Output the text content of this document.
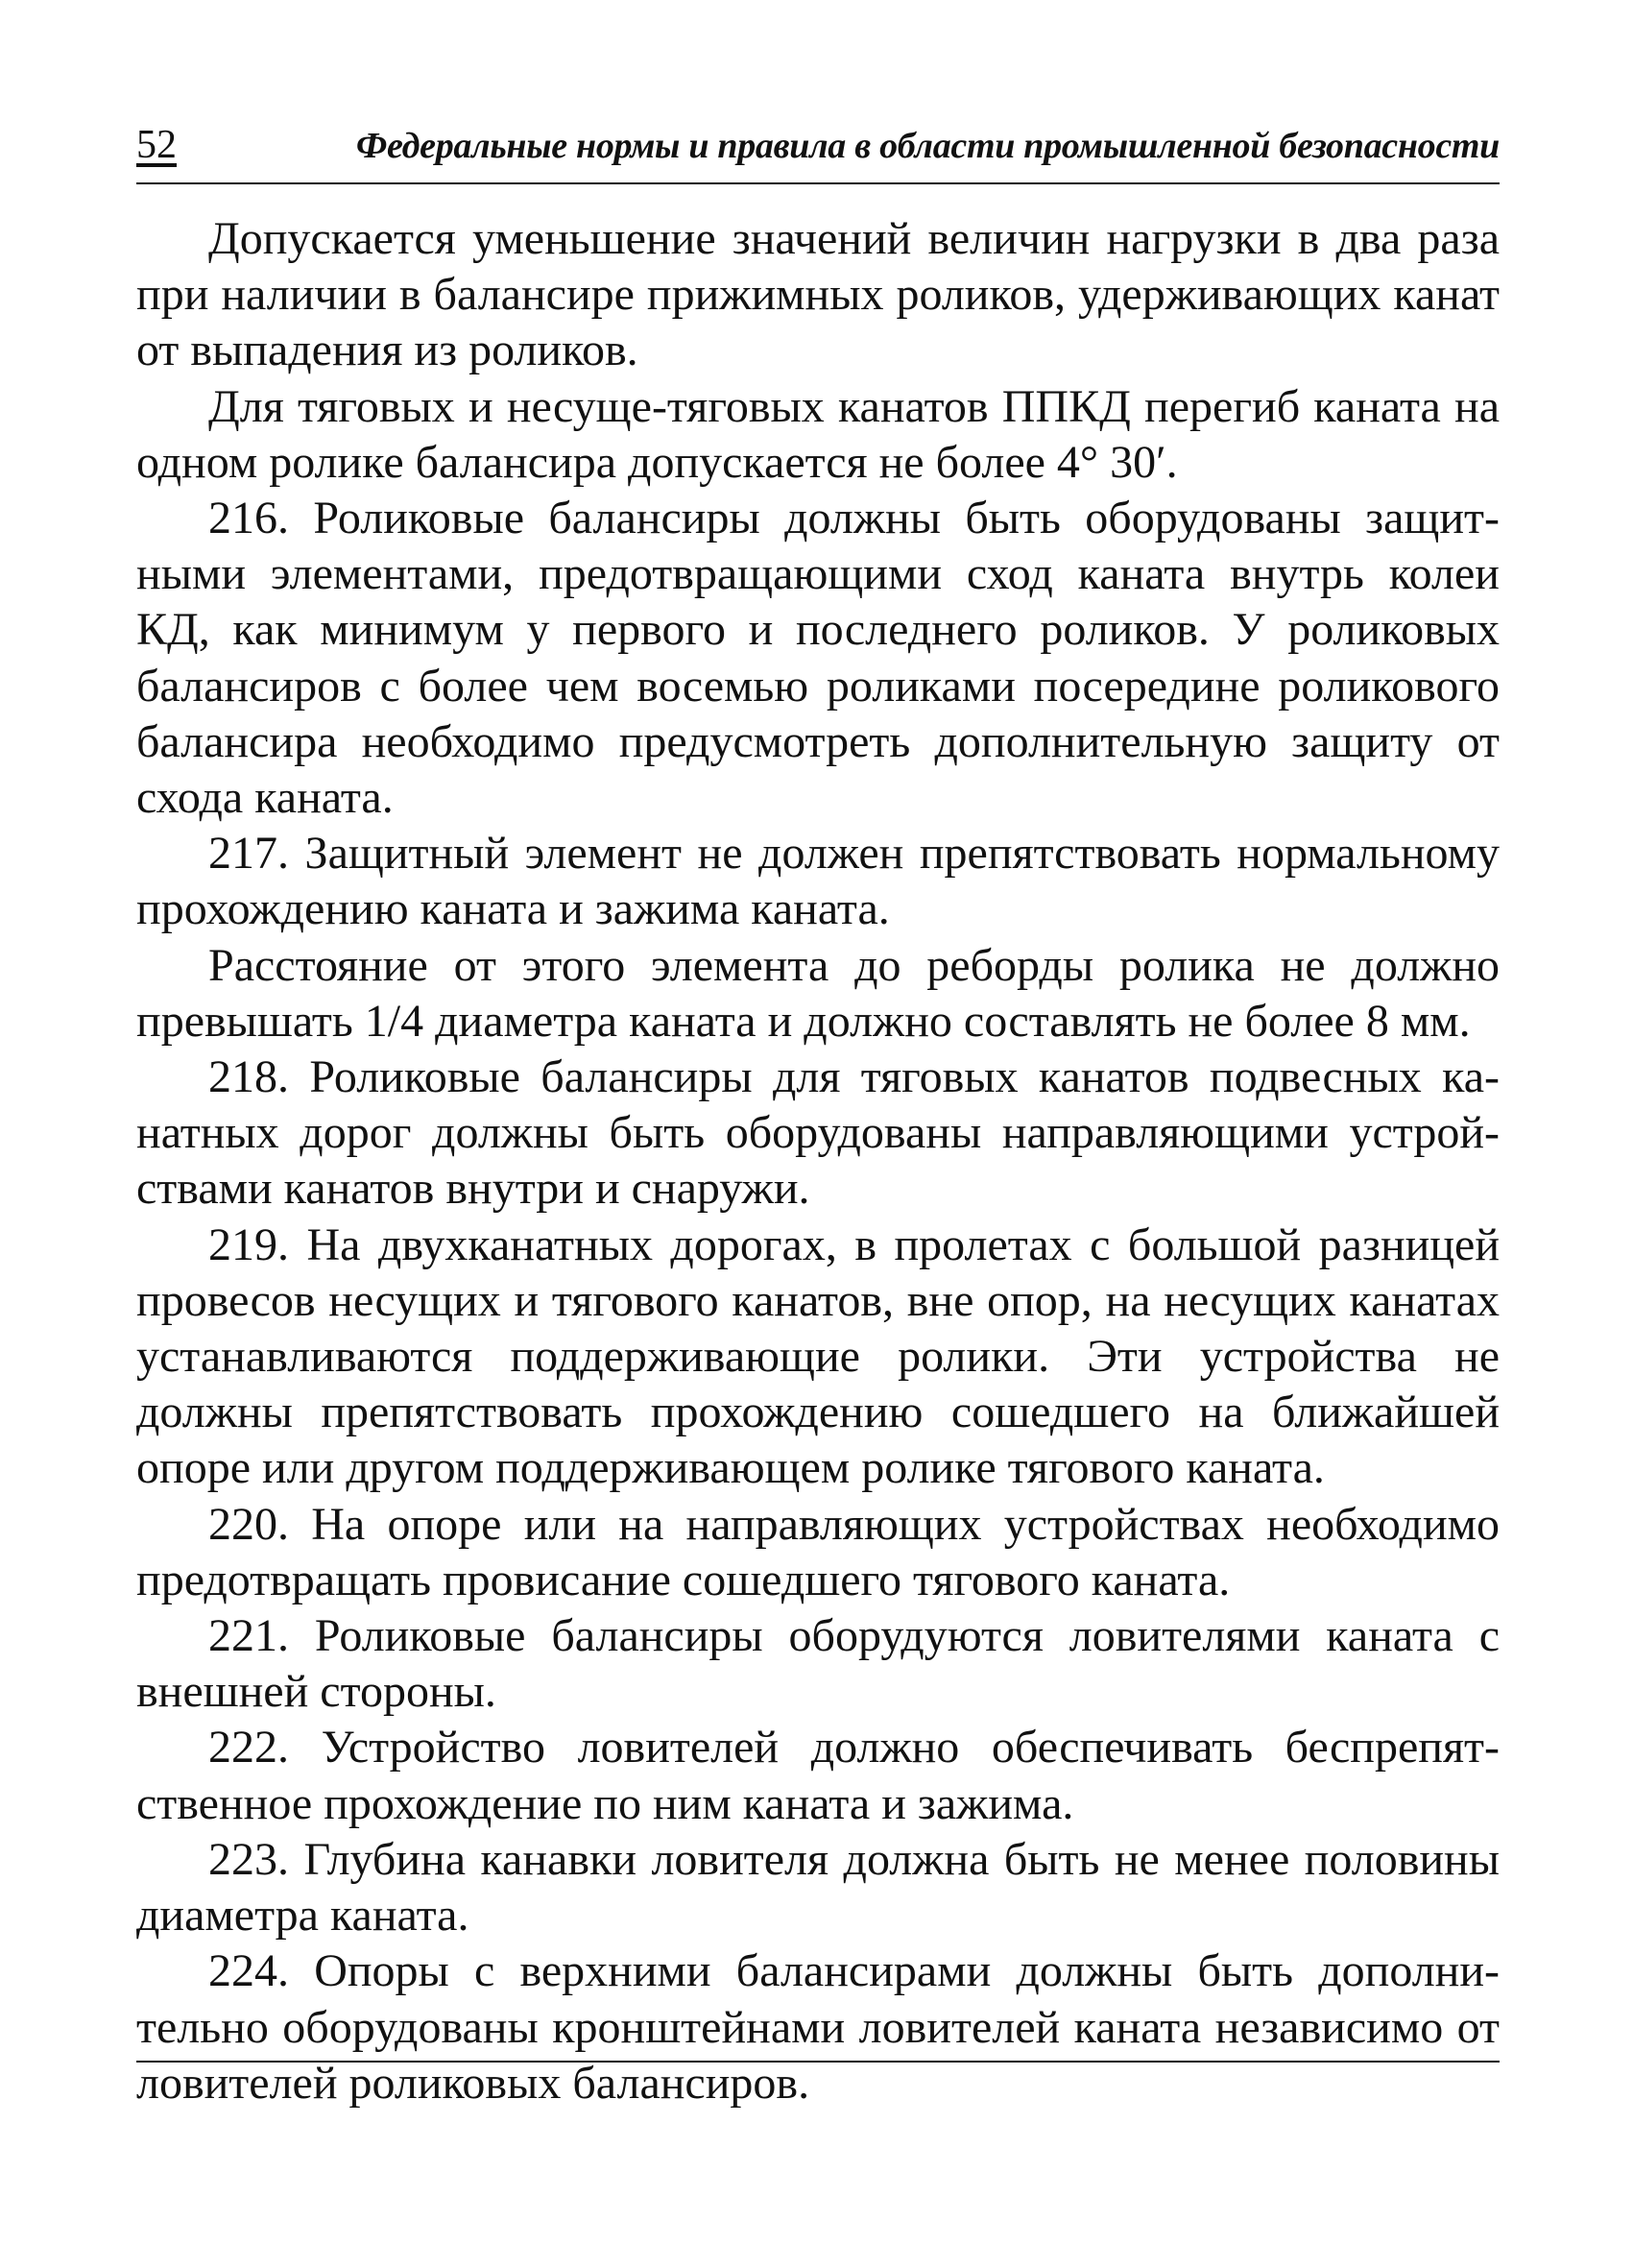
52	Федеральные нормы и правила в области промышленной безопасности

Допускается уменьшение значений величин нагрузки в два раза при наличии в балансире прижимных роликов, удерживающих канат от выпадения из роликов.

Для тяговых и несуще-тяговых канатов ППКД перегиб каната на одном ролике балансира допускается не более 4° 30′.

216. Роликовые балансиры должны быть оборудованы защитными элементами, предотвращающими сход каната внутрь колеи КД, как минимум у первого и последнего роликов. У роликовых балансиров с более чем восемью роликами посередине роликового балансира необходимо предусмотреть дополнительную защиту от схода каната.

217. Защитный элемент не должен препятствовать нормальному прохождению каната и зажима каната.

Расстояние от этого элемента до реборды ролика не должно превышать 1/4 диаметра каната и должно составлять не более 8 мм.

218. Роликовые балансиры для тяговых канатов подвесных канатных дорог должны быть оборудованы направляющими устройствами канатов внутри и снаружи.

219. На двухканатных дорогах, в пролетах с большой разницей провесов несущих и тягового канатов, вне опор, на несущих канатах устанавливаются поддерживающие ролики. Эти устройства не должны препятствовать прохождению сошедшего на ближайшей опоре или другом поддерживающем ролике тягового каната.

220. На опоре или на направляющих устройствах необходимо предотвращать провисание сошедшего тягового каната.

221. Роликовые балансиры оборудуются ловителями каната с внешней стороны.

222. Устройство ловителей должно обеспечивать беспрепятственное прохождение по ним каната и зажима.

223. Глубина канавки ловителя должна быть не менее половины диаметра каната.

224. Опоры с верхними балансирами должны быть дополнительно оборудованы кронштейнами ловителей каната независимо от ловителей роликовых балансиров.
